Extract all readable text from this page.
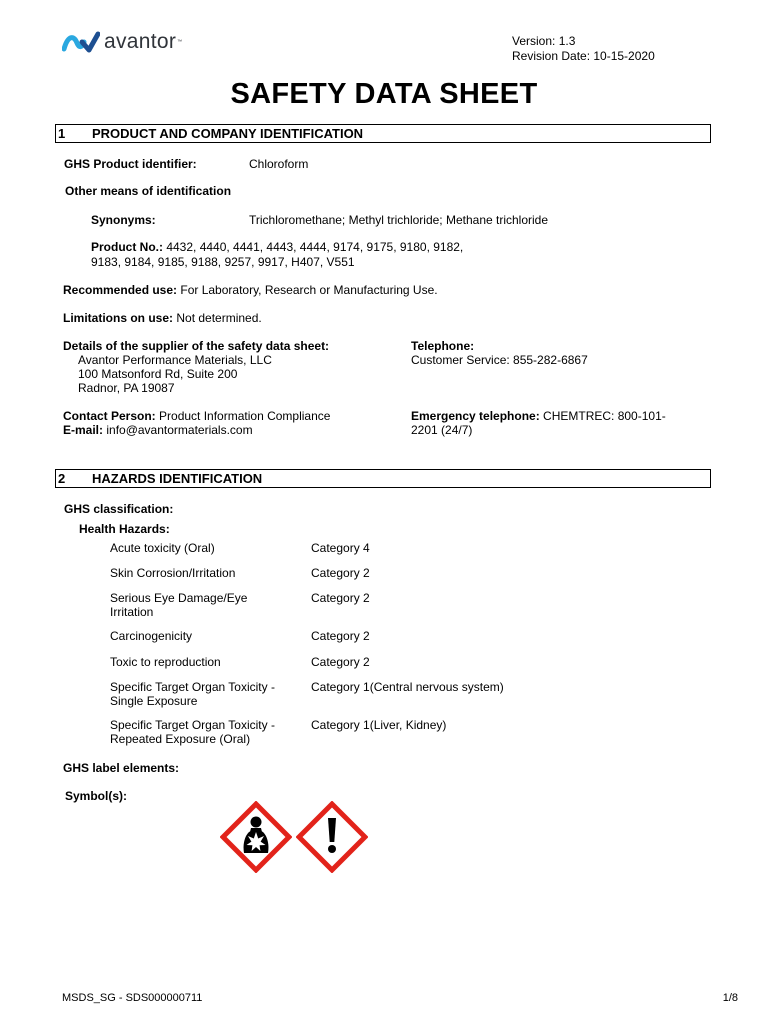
avantor ™	Version: 1.3
Revision Date: 10-15-2020
SAFETY DATA SHEET
1 PRODUCT AND COMPANY IDENTIFICATION
GHS Product identifier:	Chloroform
Other means of identification
Synonyms:	Trichloromethane; Methyl trichloride; Methane trichloride
Product No.: 4432, 4440, 4441, 4443, 4444, 9174, 9175, 9180, 9182,
9183, 9184, 9185, 9188, 9257, 9917, H407, V551
Recommended use: For Laboratory, Research or Manufacturing Use.
Limitations on use: Not determined.
Details of the supplier of the safety data sheet:
Avantor Performance Materials, LLC
100 Matsonford Rd, Suite 200
Radnor, PA 19087
Telephone:
Customer Service: 855-282-6867
Contact Person: Product Information Compliance
E-mail: info@avantormaterials.com
Emergency telephone: CHEMTREC: 800-101-
2201 (24/7)
2 HAZARDS IDENTIFICATION
GHS classification:
Health Hazards:
Acute toxicity (Oral)	Category 4
Skin Corrosion/Irritation	Category 2
Serious Eye Damage/Eye Irritation
Category 2
Carcinogenicity	Category 2
Toxic to reproduction	Category 2
Specific Target Organ Toxicity - Single Exposure
Category 1(Central nervous system)
Specific Target Organ Toxicity - Repeated Exposure (Oral)
Category 1(Liver, Kidney)
GHS label elements:
Symbol(s):
MSDS_SG - SDS000000711	1/8
